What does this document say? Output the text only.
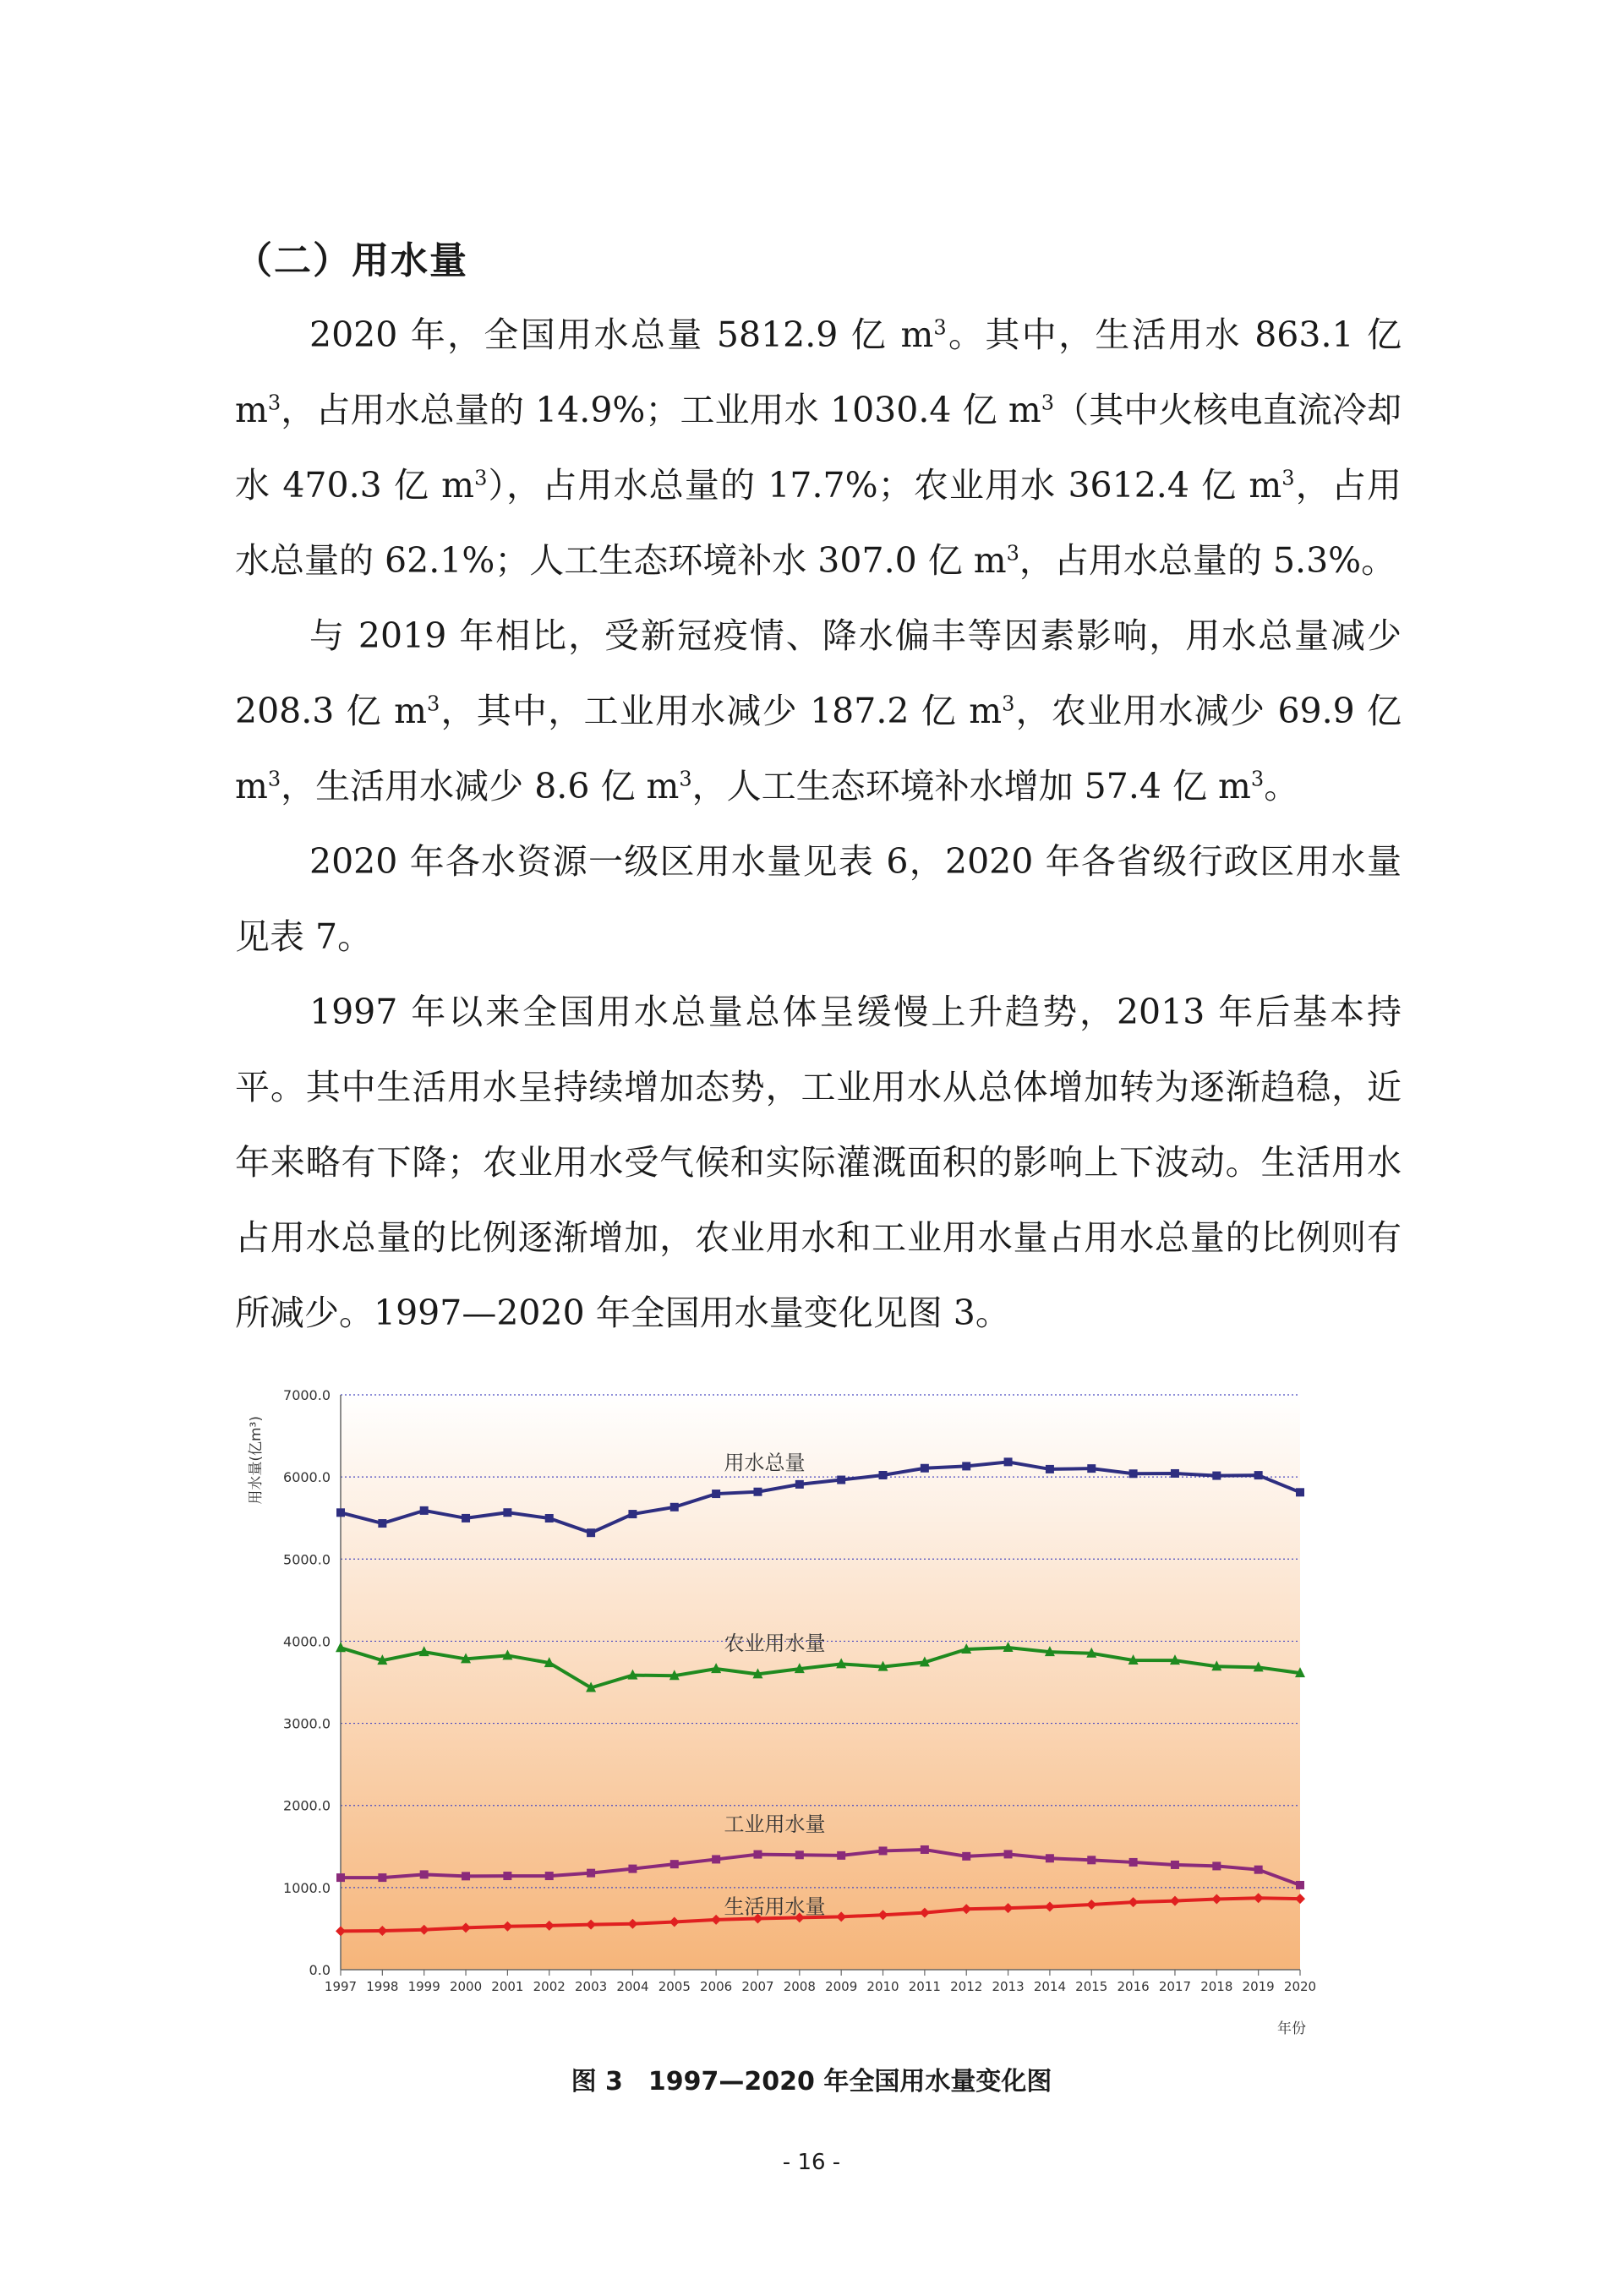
（二）用水量
2020 年，全国用水总量 5812.9 亿 $m^3$。其中，生活用水 863.1 亿 $m^3$，占用水总量的 14.9%；工业用水 1030.4 亿 $m^3$（其中火核电直流冷却水 470.3 亿 $m^3$），占用水总量的 17.7%；农业用水 3612.4 亿 $m^3$，占用水总量的 62.1%；人工生态环境补水 307.0 亿 $m^3$，占用水总量的 5.3%。
与 2019 年相比，受新冠疫情、降水偏丰等因素影响，用水总量减少 208.3 亿 $m^3$，其中，工业用水减少 187.2 亿 $m^3$，农业用水减少 69.9 亿 $m^3$，生活用水减少 8.6 亿 $m^3$，人工生态环境补水增加 57.4 亿 $m^3$。
2020 年各水资源一级区用水量见表 6，2020 年各省级行政区用水量见表 7。
1997 年以来全国用水总量总体呈缓慢上升趋势，2013 年后基本持平。其中生活用水呈持续增加态势，工业用水从总体增加转为逐渐趋稳，近年来略有下降；农业用水受气候和实际灌溉面积的影响上下波动。生活用水占用水总量的比例逐渐增加，农业用水和工业用水量占用水总量的比例则有所减少。1997—2020 年全国用水量变化见图 3。
0.0
1000.0
2000.0
3000.0
4000.0
5000.0
6000.0
7000.0
1997 1998 1999 2000 2001 2002 2003 2004 2005 2006 2007 2008 2009 2010 2011 2012 2013 2014 2015 2016 2017 2018 2019 2020
用水量(亿m³)
年份
用水总量
农业用水量
工业用水量
生活用水量
图 3　1997—2020 年全国用水量变化图
- 16 -
